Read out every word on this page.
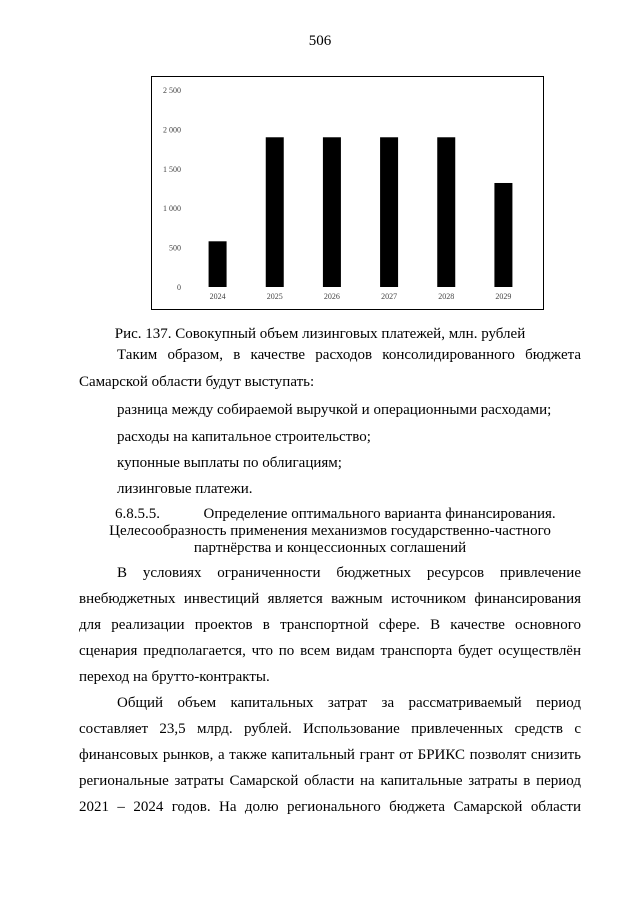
506
0
500
1 000
1 500
2 000
2 500
2024	2025	2026	2027	2028	2029
Рис. 137. Совокупный объем лизинговых платежей, млн. рублей
Таким образом, в качестве расходов консолидированного бюджета
Самарской области будут выступать:
разница между собираемой выручкой и операционными расходами;
расходы на капитальное строительство;
купонные выплаты по облигациям;
лизинговые платежи.
6.8.5.5.	Определение оптимального варианта финансирования.
Целесообразность применения механизмов государственно-частного
партнёрства и концессионных соглашений
В условиях ограниченности бюджетных ресурсов привлечение
внебюджетных инвестиций является важным источником финансирования
для реализации проектов в транспортной сфере. В качестве основного
сценария предполагается, что по всем видам транспорта будет осуществлён
переход на брутто-контракты.
Общий объем капитальных затрат за рассматриваемый период
составляет 23,5 млрд. рублей. Использование привлеченных средств с
финансовых рынков, а также капитальный грант от БРИКС позволят снизить
региональные затраты Самарской области на капитальные затраты в период
2021 – 2024 годов. На долю регионального бюджета Самарской области
